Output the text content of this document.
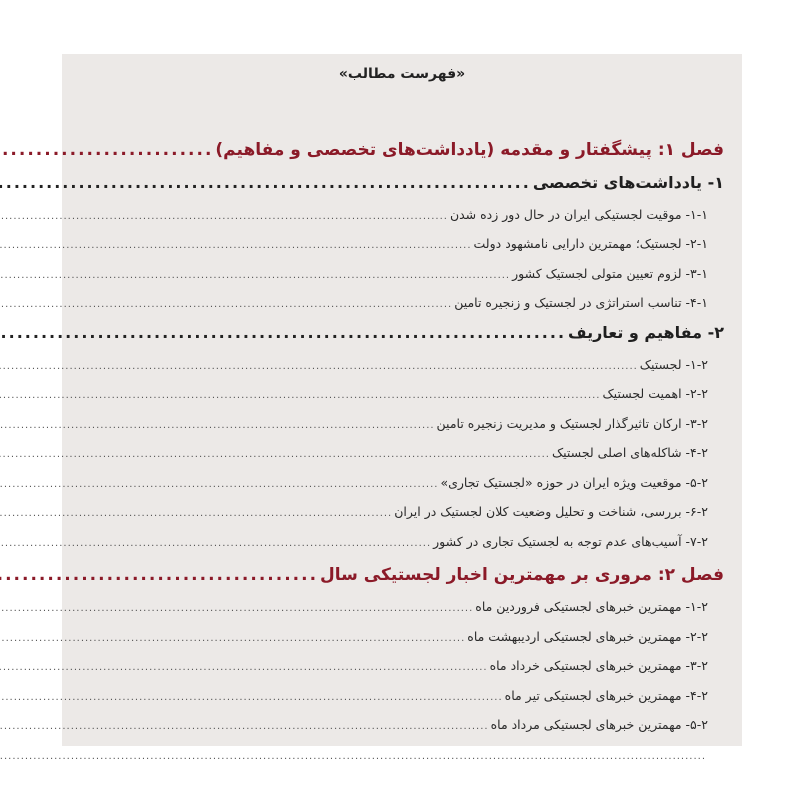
«فهرست مطالب»
فصل ۱: پیشگفتار و مقدمه (یادداشت‌های تخصصی و مفاهیم)
.....
۱- یادداشت‌های تخصصی
.....
۱-۱- موقیت لجستیکی ایران در حال دور زده شدن
.....
۲-۱- لجستیک؛ مهمترین دارایی نامشهود دولت
.....
۳-۱- لزوم تعیین متولی لجستیک کشور
.....
۴-۱- تناسب استراتژی در لجستیک و زنجیره تامین
.....
۲- مفاهیم و تعاریف
.....
۱-۲- لجستیک
.....
۲-۲- اهمیت لجستیک
.....
۳-۲- ارکان تاثیرگذار لجستیک و مدیریت زنجیره تامین
.....
۴-۲- شاکله‌های اصلی لجستیک
.....
۵-۲- موقعیت ویژه ایران در حوزه «لجستیک تجاری»
.....
۶-۲- بررسی، شناخت و تحلیل وضعیت کلان لجستیک در ایران
.....
۷-۲- آسیب‌های عدم توجه به لجستیک تجاری در کشور
.....
فصل ۲: مروری بر مهمترین اخبار لجستیکی سال
.....
۱-۲- مهمترین خبرهای لجستیکی فروردین ماه
.....
۲-۲- مهمترین خبرهای لجستیکی اردیبهشت ماه
.....
۳-۲- مهمترین خبرهای لجستیکی خرداد ماه
.....
۴-۲- مهمترین خبرهای لجستیکی تیر ماه
.....
۵-۲- مهمترین خبرهای لجستیکی مرداد ماه
.....
.....
